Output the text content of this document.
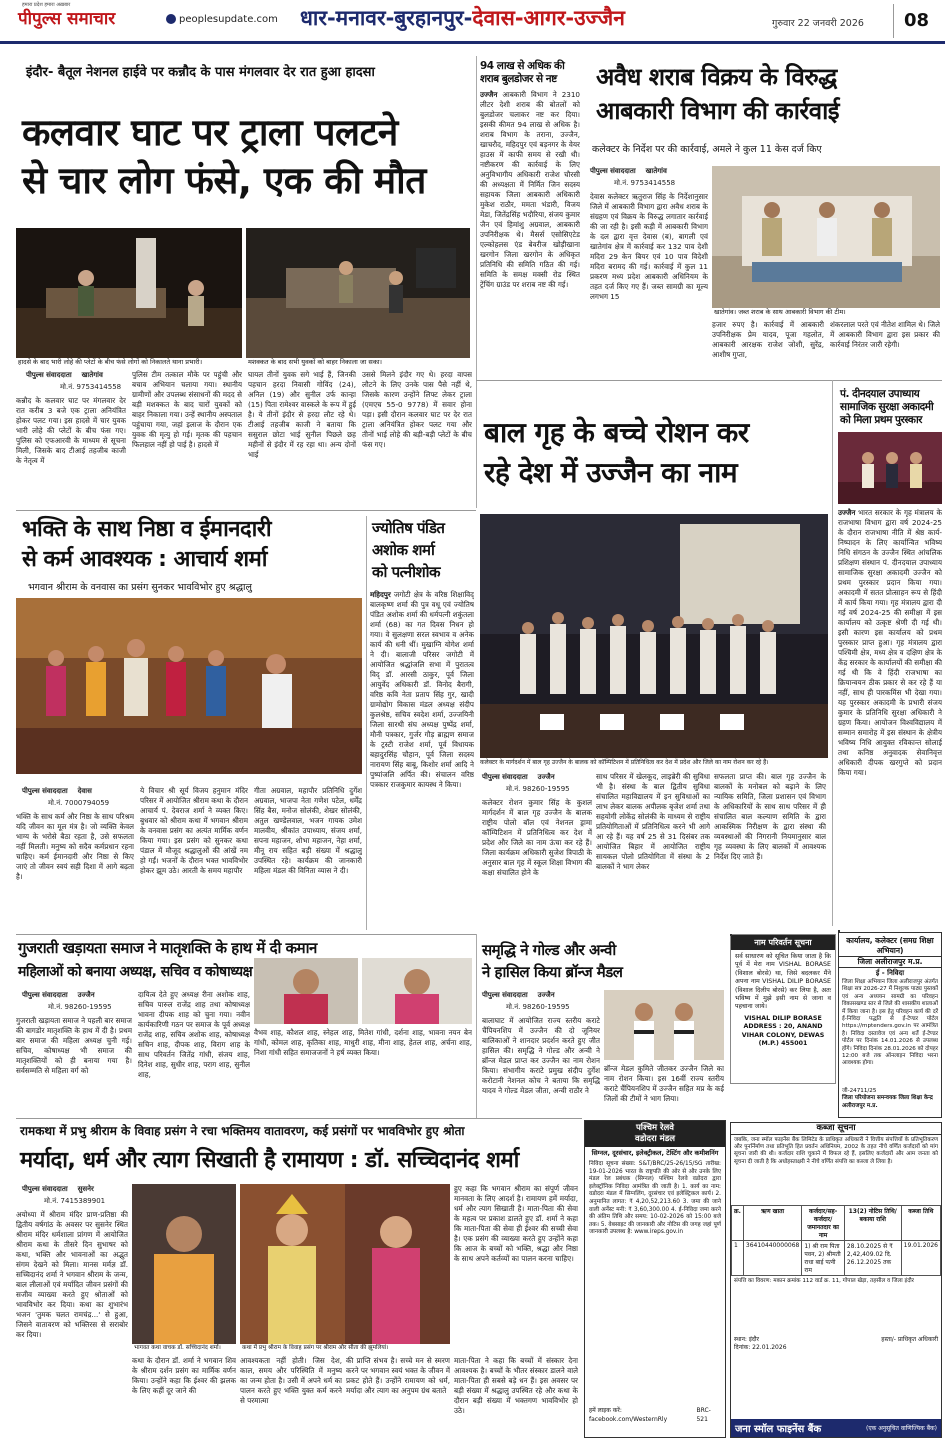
हमारा प्रदेश हमारा अख़बार
पीपुल्स समाचार	peoplesupdate.com धार-मनावर-बुरहानपुर-देवास-आगर-उज्जैन	गुरुवार 22 जनवरी 2026	08
इंदौर- बैतूल नेशनल हाईवे पर कन्नौद के पास मंगलवार देर रात हुआ हादसा
कलवार घाट पर ट्राला पलटने
से चार लोग फंसे, एक की मौत
हादसे के बाद भारी लोहे की प्लेटों के बीच फंसे लोगों को निकालते थाना प्रभारी।	मशक्कत के बाद सभी युवकों को बाहर निकाला जा सका।
पीपुल्स संवाददाता खातेगांव
मो.नं. 9753414558
कन्नौद के कलवार घाट पर मंगलवार देर रात करीब 3 बजे एक ट्राला अनियंत्रित होकर पलट गया। इस हादसे में चार युवक भारी लोहे की प्लेटों के बीच फंस गए। पुलिस को एफआरवी के माध्यम से सूचना मिली, जिसके बाद टीआई तहजीब काजी के नेतृत्व में
पुलिस टीम तत्काल मौके पर पहुंची और बचाव अभियान चलाया गया। स्थानीय ग्रामीणों और उपलब्ध संसाधनों की मदद से बड़ी मशक्कत के बाद चारों युवकों को बाहर निकाला गया। उन्हें स्थानीय अस्पताल पहुंचाया गया, जहां इलाज के दौरान एक युवक की मृत्यु हो गई। मृतक की पहचान फिलहाल नहीं हो पाई है। हादसे में
घायल तीनों युवक सगे भाई हैं, जिनकी पहचान हरदा निवासी गोविंद (24), अनिल (19) और सुनील उर्फ कान्हा (15) पिता रामेश्वर वास्कले के रूप में हुई है। ये तीनों इंदौर से हरदा लौट रहे थे। टीआई तहजीब काजी ने बताया कि ससुराल छोटा भाई सुनील पिछले छह महीनों से इंदौर में रह रहा था। अन्य दोनों भाई
उससे मिलने इंदौर गए थे। हरदा वापस लौटने के लिए उनके पास पैसे नहीं थे, जिसके कारण उन्होंने लिफ्ट लेकर ट्राला (एमएच 55-0 9778) में सवार होना पड़ा। इसी दौरान कलवार घाट पर देर रात ट्राला अनियंत्रित होकर पलट गया और तीनों भाई लोहे की बड़ी-बड़ी प्लेटों के बीच फंस गए।
94 लाख से अधिक की
शराब बुलडोजर से नष्ट
उज्जैन आबकारी विभाग ने 2310 लीटर देशी शराब की बोतलों को बुलडोजर चलाकर नष्ट कर दिया। इसकी कीमत 94 लाख से अधिक है। शराब विभाग के तराना, उज्जैन, खाचरौद, महिदपुर एवं बड़नगर के वेयर हाउस में काफी समय से रखी थी। नष्टीकरण की कार्रवाई के लिए अनुविभागीय अधिकारी राजेश चौरसी की अध्यक्षता में निर्मित जिन सदस्य सहायक जिला आबकारी अधिकारी मुकेश राठौर, ममता भंडारी, विजय मेडा, जितेंद्रसिंह भदौरिया, संजय कुमार जैन एवं हिमांशु अग्रवाल, आबकारी उपनिरीक्षक थे। मैसर्स एसोसिएटेड एल्कोहलस एंड बेवरीज खोड़ीखाना खरगोन जिला खरगोन के अधिकृत प्रतिनिधि की समिति गठित की गई। समिति के समक्ष मक्सी रोड स्थित ट्रेंचिंग ग्राउंड पर शराब नष्ट की गई।
अवैध शराब विक्रय के विरुद्ध
आबकारी विभाग की कार्रवाई
कलेक्टर के निर्देश पर की कार्रवाई, अमले ने कुल 11 केस दर्ज किए
पीपुल्स संवाददाता खातेगांव
मो.नं. 9753414558
देवास कलेक्टर ऋतुराज सिंह के निर्देशानुसार जिले में आबकारी विभाग द्वारा अवैध शराब के संग्रहण एवं विक्रय के विरुद्ध लगातार कार्रवाई की जा रही है। इसी कड़ी में आबकारी विभाग के दल द्वारा वृत्त देवास (ब), बागली एवं खातेगांव क्षेत्र में कार्रवाई कर 132 पाव देशी मदिरा 29 केन बियर एवं 10 पाव विदेशी मदिरा बरामद की गई। कार्रवाई में कुल 11 प्रकरण मध्य प्रदेश आबकारी अधिनियम के तहत दर्ज किए गए हैं। जब्त सामग्री का मूल्य लगभग 15
खातेगांव। जब्त शराब के साथ आबकारी विभाग की टीम।
हजार रुपए है। कार्रवाई में आबकारी उपनिरीक्षक प्रेम यादव, पूजा गहलोत, आबकारी आरक्षक राजेश जोशी, सुरेंद्र, आशीष गुप्ता,
शंकरलाल परते एवं नीतेश शामिल थे। जिले में आबकारी विभाग द्वारा इस प्रकार की कार्रवाई निरंतर जारी रहेगी।
बाल गृह के बच्चे रोशन कर
रहे देश में उज्जैन का नाम
कलेक्टर के मार्गदर्शन में बाल गृह उज्जैन के बालक को कॉम्पिटिशन में प्रतिनिधित्व कर देश में प्रदेश और जिले का नाम रोशन कर रहे हैं।
पीपुल्स संवाददाता उज्जैन
मो.नं. 98260-19595
कलेक्टर रोशन कुमार सिंह के कुशल मार्गदर्शन में बाल गृह उज्जैन के बालक राष्ट्रीय पोलो बॉल एवं नेशनल ड्रामा कॉम्पिटिशन में प्रतिनिधित्व कर देश में प्रदेश और जिले का नाम ऊंचा कर रहे हैं। जिला कार्यक्रम अधिकारी सुजेश त्रिपाठी के अनुसार बाल गृह में स्कूल शिक्षा विभाग की कक्षा संचालित होने के
साथ परिसर में खेलकूद, लाइब्रेरी की सुविधा भी है। संस्था के बाल द्वितीय सुविधा संचालित महाविद्यालय में इन सुविधाओं का लाभ लेकर बालक अपीलक बृजेश शर्मा तथा सहयोगी लोकेंद्र सोलंकी के माध्यम से राष्ट्रीय प्रतियोगिताओं में प्रतिनिधित्व करने भी आगे आ रहे हैं। यह वर्ष 25 से 31 दिसंबर तक आयोजित बिहार में आयोजित राष्ट्रीय सायकल पोलो प्रतियोगिता में संस्था के 2 बालकों ने भाग लेकर
सफलता प्राप्त की। बाल गृह उज्जैन के बालकों के मनोबल को बढ़ाने के लिए न्यायिक समिति, जिला प्रशासन एवं विभाग के अधिकारियों के साथ साथ परिसर में ही संचालित बाल कल्याण समिति के द्वारा आकस्मिक निरीक्षण के द्वारा संस्था की व्यवस्थाओं की निगरानी नियमानुसार बाल गृह व्यवस्था के लिए बालकों में आवश्यक निर्देश दिए जाते हैं।
पं. दीनदयाल उपाध्याय
सामाजिक सुरक्षा अकादमी
को मिला प्रथम पुरस्कार
उज्जैन भारत सरकार के गृह मंत्रालय के राजभाषा विभाग द्वारा वर्ष 2024-25 के दौरान राजभाषा नीति में श्रेष्ठ कार्य-निष्पादन के लिए कार्यान्वित भविष्य निधि संगठन के उज्जैन स्थित आंचलिक प्रशिक्षण संस्थान पं. दीनदयाल उपाध्याय सामाजिक सुरक्षा अकादमी उज्जैन को प्रथम पुरस्कार प्रदान किया गया। अकादमी में सतत प्रोत्साहन रूप से हिंदी में कार्य किया गया। गृह मंत्रालय द्वारा दी गई वर्ष 2024-25 की समीक्षा में इस कार्यालय को उत्कृष्ट श्रेणी दी गई थी। इसी कारण इस कार्यालय को प्रथम पुरस्कार प्राप्त हुआ। गृह मंत्रालय द्वारा पश्चिमी क्षेत्र, मध्य क्षेत्र व दक्षिण क्षेत्र के केंद्र सरकार के कार्यालयों की समीक्षा की गई थी कि वे हिंदी राजभाषा का क्रियान्वयन ठीक प्रकार से कर रहे हैं या नहीं, साथ ही पारकमिंस भी देखा गया। यह पुरस्कार अकादमी के प्रभारी संजय कुमार के प्रतिनिधि सुरक्षा अधिकारी ने ग्रहण किया। आयोजन विश्वविद्यालय में सम्मान समारोह में इस संस्थान के क्षेत्रीय भविष्य निधि आयुक्त रविकान्त सोलाई तथा कनिष्ठ अनुवादक सेवानिवृत्त अधिकारी दीपक खरगुप्ते को प्रदान किया गया।
भक्ति के साथ निष्ठा व ईमानदारी
से कर्म आवश्यक : आचार्य शर्मा
भगवान श्रीराम के वनवास का प्रसंग सुनकर भावविभोर हुए श्रद्धालु
पीपुल्स संवाददाता देवास
मो.नं. 7000794059
भक्ति के साथ कर्म और निष्ठा के साथ परिश्रम यदि जीवन का मूल मंत्र है। जो व्यक्ति केवल भाग्य के भरोसे बैठा रहता है, उसे सफलता नहीं मिलती। मनुष्य को सदैव कर्मप्रधान रहना चाहिए। कर्म ईमानदारी और निष्ठा से किए जाएं तो जीवन स्वयं सही दिशा में आगे बढ़ता है।
ये विचार श्री सूर्य विजय हनुमान मंदिर परिसर में आयोजित श्रीराम कथा के दौरान आचार्य पं. देवराज शर्मा ने व्यक्त किए। बुधवार को श्रीराम कथा में भगवान श्रीराम के वनवास प्रसंग का अत्यंत मार्मिक वर्णन किया गया। इस प्रसंग को सुनकर कथा पंडाल में मौजूद श्रद्धालुओं की आंखें नम हो गईं। भजनों के दौरान भक्त भावविभोर होकर झूम उठे। आरती के समय महापौर
गीता अग्रवाल, महापौर प्रतिनिधि दुर्गेश अग्रवाल, भाजपा नेता गणेश पटेल, धर्मेंद्र सिंह बैस, मनोज सोलंकी, शेखर सोलंकी, अतुल खण्डेलवाल, भजन गायक उमेश मालवीय, श्रीकांत उपाध्याय, संजय शर्मा, सपना महाजन, शोभा महाजन, नेहा शर्मा, मीनू राय सहित बड़ी संख्या में श्रद्धालु उपस्थित रहे। कार्यक्रम की जानकारी महिला मंडल की विनिता व्यास ने दी।
ज्योतिष पंडित
अशोक शर्मा
को पत्नीशोक
महिदपुर जगोटी क्षेत्र के वरिष्ठ शिक्षाविद् बालकृष्ण शर्मा की पुत्र वधू एवं ज्योतिष पंडित अशोक शर्मा की धर्मपत्नी शकुंतला शर्मा (68) का गत दिवस निधन हो गया। वे सुलक्षणा सरल स्वभाव व अनेक कार्य की धनी थीं। मुखाग्नि योगेश शर्मा ने दी। बालाजी परिसर जगोटी में आयोजित श्रद्धांजलि सभा में पुरातत्व विद् डॉ. आरसी ठाकुर, पूर्व जिला आयुर्वेद अधिकारी डॉ. विनोद बैरागी, वरिष्ठ कवि नेता प्रताप सिंह गुर, खादी ग्रामोद्योग विकास मंडल अध्यक्ष संदीप कुलश्रेष्ठ, सचिव स्वदेश शर्मा, उज्जयिनी जिला सारथी संघ अध्यक्ष पुष्पेंद्र शर्मा, मौनी पत्रकार, गुर्जर गौड़ ब्राह्मण समाज के ट्रस्टी राजेश शर्मा, पूर्व विधायक बहादुरसिंह चौहान, पूर्व जिला सदस्य नारायण सिंह बाबू, किशोर शर्मा आदि ने पुष्पांजलि अर्पित की। संचालन वरिष्ठ पत्रकार राजकुमार कायस्थ ने किया।
गुजराती खड़ायता समाज ने मातृशक्ति के हाथ में दी कमान
महिलाओं को बनाया अध्यक्ष, सचिव व कोषाध्यक्ष
पीपुल्स संवाददाता उज्जैन
मो.नं. 98260-19595
गुजराती खड़ायता समाज ने पहली बार समाज की बागडोर मातृशक्ति के हाथ में दी है। प्रथम बार समाज की महिला अध्यक्ष चुनी गई। सचिव, कोषाध्यक्ष भी समाज की मातृशक्तियों को ही बनाया गया है। सर्वसम्मति से महिला वर्ग को
दायित्व देते हुए अध्यक्ष रीना अशोक शाह, सचिव पारुल राजेंद्र शाह तथा कोषाध्यक्ष भावना दीपक शाह को चुना गया। नवीन कार्यकारिणी गठन पर समाज के पूर्व अध्यक्ष राजेंद्र शाह, सचिव अशोक शाह, कोषाध्यक्ष सचिन शाह, दीपक शाह, विराग शाह के साथ परिवर्तन जितेंद्र गांधी, संजय शाह, दिनेश शाह, सुधीर शाह, पराग शाह, सुनील शाह,
वैभव शाह, कौशल शाह, स्नेहल शाह, मितेश गांधी, दर्शना शाह, भावना नयन बेन गांधी, कोमल शाह, कृतिका शाह, माधुरी शाह, मीना शाह, हेतल शाह, अर्चना शाह, निशा गांधी सहित समाजजनों ने हर्ष व्यक्त किया।
समृद्धि ने गोल्ड और अन्वी
ने हासिल किया ब्रॉन्ज मैडल
पीपुल्स संवाददाता उज्जैन
मो.नं. 98260-19595
बालाघाट में आयोजित राज्य स्तरीय कराटे चैंपियनशिप में उज्जैन की दो जूनियर बालिकाओं ने शानदार प्रदर्शन करते हुए जीत हासिल की। समृद्धि ने गोल्ड और अन्वी ने ब्रॉन्ज मेडल प्राप्त कर उज्जैन का नाम रोशन किया। संभागीय कराटे प्रमुख संदीप दुर्गेश करोटानी नेशनल कोच ने बताया कि समृद्धि यादव ने गोल्ड मेडल जीता, अन्वी राठौर ने
ब्रॉन्ज मेडल कुमिते जीतकर उज्जैन जिले का नाम रोशन किया। इस 16वीं राज्य स्तरीय कराटे चैंपियनशिप में उज्जैन सहित मप्र के कई जिलों की टीमों ने भाग लिया।
नाम परिवर्तन सूचना
सर्व साधारण को सूचित किया जाता है कि पूर्व में मेरा नाम VISHAL BORASE (विशाल बोरसे) था, जिसे बदलकर मैंने अपना नाम VISHAL DILIP BORASE (विशाल दिलीप बोरसे) कर लिया है, अतः भविष्य में मुझे इसी नाम से जाना व पहचाना जाये।
VISHAL DILIP BORASE ADDRESS : 20, ANAND VIHAR COLONY, DEWAS (M.P.) 455001
कार्यालय, कलेक्टर (समग्र शिक्षा अभियान)
जिला अलीराजपुर म.प्र.
ई - निविदा
जिला शिक्षा अभियान जिला अलीराजपुर अंतर्गत शिक्षा सत्र 2026-27 में निशुल्क पाठ्य पुस्तकों एवं अन्य अध्ययन सामग्री का परिवहन विकासखण्ड स्तर से जिले की शासकीय शालाओं में किया जाना है। इस हेतु परिवहन कार्य की दरें ई-निविदा पद्धति से ई-टेण्डर पोर्टल https://mptenders.gov.in पर आमंत्रित है। निविदा दस्तावेज एवं अन्य शर्ते ई-टेण्डर पोर्टल पर दिनांक 14.01.2026 से उपलब्ध होंगे। निविदा दिनांक 28.01.2026 को दोपहर 12:00 बजे तक ऑनलाइन निविदा भरना आवश्यक होगा।
जी-24711/25
जिला परियोजना समन्वयक जिला शिक्षा केन्द्र अलीराजपुर म.प्र.
पश्चिम रेलवे
वडोदरा मंडल
सिग्नल, दूरसंचार, इलेक्ट्रीकल, टेस्टिंग और कमीशनिंग
निविदा सूचना संख्या: S&T/BRC/25-26/15/SG तारीख: 19-01-2026 भारत के राष्ट्रपति की ओर से और उनके लिए मंडल रेल प्रबंधक (सिग्नल) पश्चिम रेलवे वडोदरा द्वारा इलेक्ट्रॉनिक निविदा आमंत्रित की जाती है। 1. कार्य का नाम: वडोदरा मंडल में सिग्नलिंग, दूरसंचार एवं इलेक्ट्रिकल कार्य। 2. अनुमानित लागत: ₹ 4,20,52,213.60 3. जमा की जाने वाली अर्नेस्ट मनी: ₹ 3,60,300.00 4. ई-निविदा जमा करने की अंतिम तिथि और समय: 10-02-2026 को 15:00 बजे तक। 5. वेबसाइट की जानकारी और नोटिस की जगह जहां पूर्ण जानकारी उपलब्ध है: www.ireps.gov.in
हमें लाइक करें: facebook.com/WesternRly
BRC-521
कब्जा सूचना
जबकि, जना स्मॉल फाइनेंस बैंक लिमिटेड के प्राधिकृत अधिकारी ने वित्तीय संपत्तियों के प्रतिभूतिकरण और पुनर्निर्माण तथा प्रतिभूति हित प्रवर्तन अधिनियम, 2002 के तहत नीचे वर्णित कर्जदारों को मांग सूचना जारी की थी। कर्जदार राशि चुकाने में विफल रहे हैं, इसलिए कर्जदारों और आम जनता को सूचना दी जाती है कि अधोहस्ताक्षरी ने नीचे वर्णित संपत्ति का कब्जा ले लिया है।
क्र.	ऋण खाता	कर्जदार/सह-कर्जदार/ जमानतदार का नाम	13(2) नोटिस तिथि/ बकाया राशि	कब्जा तिथि
1	36410440000068	1) श्री राम पिता पवन, 2) श्रीमती राधा बाई पत्नी राम	28.10.2025 से ₹ 2,42,409.02 दि. 26.12.2025 तक	19.01.2026
संपत्ति का विवरण: मकान क्रमांक 112 वार्ड क्र. 11, गोपाल खेड़ा, तहसील व जिला इंदौर
स्थान: इंदौर	हस्ता/- प्राधिकृत अधिकारी
दिनांक: 22.01.2026
जना स्मॉल फाइनेंस बैंक	(एक अनुसूचित वाणिज्यिक बैंक)
रामकथा में प्रभु श्रीराम के विवाह प्रसंग ने रचा भक्तिमय वातावरण, कई प्रसंगों पर भावविभोर हुए श्रोता
मर्यादा, धर्म और त्याग सिखाती है रामायण : डॉ. सच्चिदानंद शर्मा
पीपुल्स संवाददाता सुसनेर
मो.नं. 7415389901
अयोध्या में श्रीराम मंदिर प्राण-प्रतिष्ठा की द्वितीय वर्षगांठ के अवसर पर सुसनेर स्थित श्रीराम मंदिर धर्मशाला प्रांगण में आयोजित श्रीराम कथा के तीसरे दिन सुभाषर को कथा, भक्ति और भावनाओं का अद्भुत संगम देखने को मिला। मानस मर्मज्ञ डॉ. सच्चिदानंद शर्मा ने भगवान श्रीराम के जन्म, बाल लीलाओं एवं मर्यादित जीवन प्रसंगों की सजीव व्याख्या करते हुए श्रोताओं को भावविभोर कर दिया। कथा का शुभारंभ भजन 'तुमक चलत रामचंद्र...' से हुआ, जिसने वातावरण को भक्तिरस से सराबोर कर दिया।
भागवत कथा वाचक डॉ. सच्चिदानंद शर्मा।	कथा में प्रभु श्रीराम के विवाह प्रसंग पर श्रीराम और सीता की झूमलियां।
कथा के दौरान डॉ. शर्मा ने भगवान शिव के श्रीराम दर्शन प्रसंग का मार्मिक वर्णन किया। उन्होंने कहा कि ईश्वर की झलक के लिए कहीं दूर जाने की
आवश्यकता नहीं होती। जिस देश, काल, समय और परिस्थिति में मनुष्य का जन्म होता है। उसी में अपने धर्म का पालन करते हुए भक्ति युक्त कर्म करने से परमात्मा
की प्राप्ति संभव है। सच्चे मन से स्मरण करने पर भगवान स्वयं भक्त के जीवन में प्रकट होते हैं। उन्होंने रामायण को धर्म, मर्यादा और त्याग का अनुपम ग्रंथ बताते
हुए कहा कि भगवान श्रीराम का संपूर्ण जीवन मानवता के लिए आदर्श है। रामायण हमें मर्यादा, धर्म और त्याग सिखाती है। माता-पिता की सेवा के महत्व पर प्रकाश डालते हुए डॉ. शर्मा ने कहा कि माता-पिता की सेवा ही ईश्वर की सच्ची सेवा है। एक प्रसंग की व्याख्या करते हुए उन्होंने कहा कि आज के बच्चों को भक्ति, श्रद्धा और निष्ठा के साथ अपने कर्तव्यों का पालन करना चाहिए।
माता-पिता ने कहा कि बच्चों में संस्कार देना आवश्यक है। बच्चों के भीतर संस्कार डालने वाले माता-पिता ही सबसे बड़े धन हैं। इस अवसर पर बड़ी संख्या में श्रद्धालु उपस्थित रहे और कथा के दौरान बड़ी संख्या में भक्तगण भावविभोर हो उठे।
